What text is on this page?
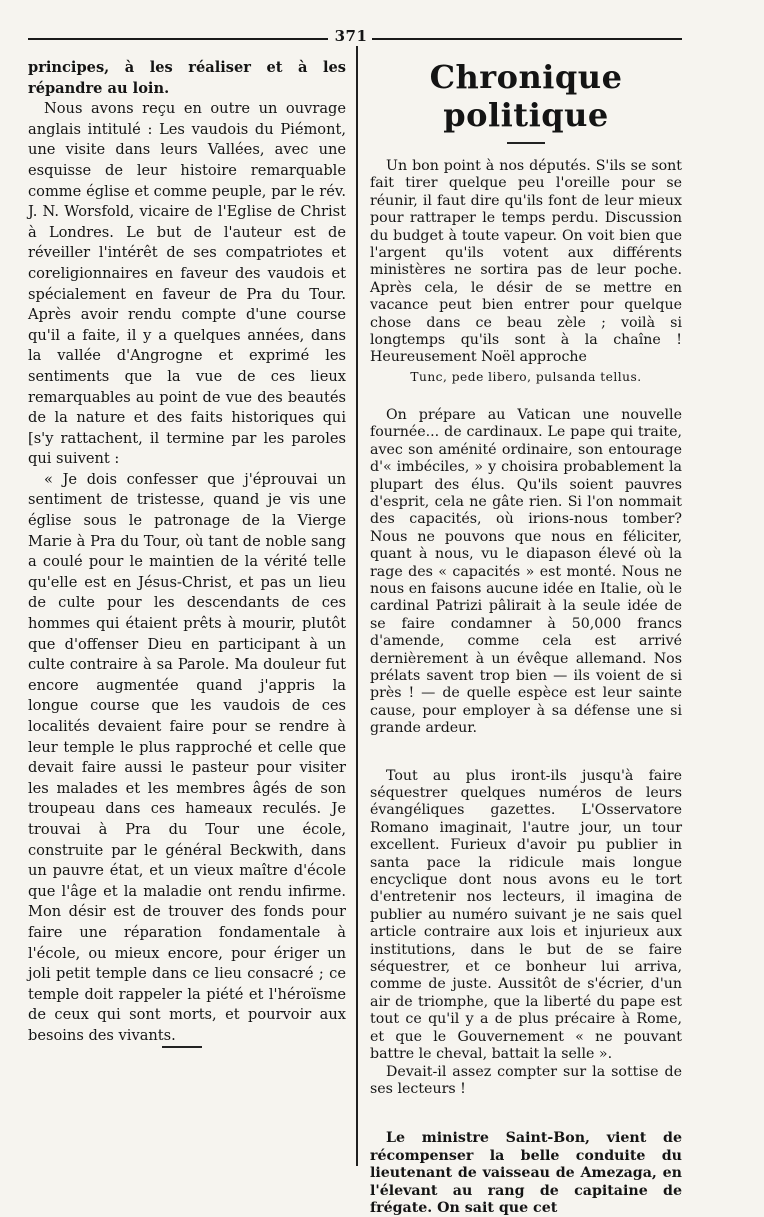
371

principes, à les réaliser et à les répandre au loin.

Nous avons reçu en outre un ouvrage anglais intitulé : Les vaudois du Piémont, une visite dans leurs Vallées, avec une esquisse de leur histoire remarquable comme église et comme peuple, par le rév. J. N. Worsfold, vicaire de l'Eglise de Christ à Londres. Le but de l'auteur est de réveiller l'intérêt de ses compatriotes et coreligionnaires en faveur des vaudois et spécialement en faveur de Pra du Tour. Après avoir rendu compte d'une course qu'il a faite, il y a quelques années, dans la vallée d'Angrogne et exprimé les sentiments que la vue de ces lieux remarquables au point de vue des beautés de la nature et des faits historiques qui [s'y rattachent, il termine par les paroles qui suivent :

« Je dois confesser que j'éprouvai un sentiment de tristesse, quand je vis une église sous le patronage de la Vierge Marie à Pra du Tour, où tant de noble sang a coulé pour le maintien de la vérité telle qu'elle est en Jésus-Christ, et pas un lieu de culte pour les descendants de ces hommes qui étaient prêts à mourir, plutôt que d'offenser Dieu en participant à un culte contraire à sa Parole. Ma douleur fut encore augmentée quand j'appris la longue course que les vaudois de ces localités devaient faire pour se rendre à leur temple le plus rapproché et celle que devait faire aussi le pasteur pour visiter les malades et les membres âgés de son troupeau dans ces hameaux reculés. Je trouvai à Pra du Tour une école, construite par le général Beckwith, dans un pauvre état, et un vieux maître d'école que l'âge et la maladie ont rendu infirme. Mon désir est de trouver des fonds pour faire une réparation fondamentale à l'école, ou mieux encore, pour ériger un joli petit temple dans ce lieu consacré ; ce temple doit rappeler la piété et l'héroïsme de ceux qui sont morts, et pourvoir aux besoins des vivants.

Chronique politique

Un bon point à nos députés. S'ils se sont fait tirer quelque peu l'oreille pour se réunir, il faut dire qu'ils font de leur mieux pour rattraper le temps perdu. Discussion du budget à toute vapeur. On voit bien que l'argent qu'ils votent aux différents ministères ne sortira pas de leur poche. Après cela, le désir de se mettre en vacance peut bien entrer pour quelque chose dans ce beau zèle ; voilà si longtemps qu'ils sont à la chaîne ! Heureusement Noël approche

Tunc, pede libero, pulsanda tellus.

On prépare au Vatican une nouvelle fournée... de cardinaux. Le pape qui traite, avec son aménité ordinaire, son entourage d'« imbéciles, » y choisira probablement la plupart des élus. Qu'ils soient pauvres d'esprit, cela ne gâte rien. Si l'on nommait des capacités, où irions-nous tomber? Nous ne pouvons que nous en féliciter, quant à nous, vu le diapason élevé où la rage des « capacités » est monté. Nous ne nous en faisons aucune idée en Italie, où le cardinal Patrizi pâlirait à la seule idée de se faire condamner à 50,000 francs d'amende, comme cela est arrivé dernièrement à un évêque allemand. Nos prélats savent trop bien — ils voient de si près ! — de quelle espèce est leur sainte cause, pour employer à sa défense une si grande ardeur.

Tout au plus iront-ils jusqu'à faire séquestrer quelques numéros de leurs évangéliques gazettes. L'Osservatore Romano imaginait, l'autre jour, un tour excellent. Furieux d'avoir pu publier in santa pace la ridicule mais longue encyclique dont nous avons eu le tort d'entretenir nos lecteurs, il imagina de publier au numéro suivant je ne sais quel article contraire aux lois et injurieux aux institutions, dans le but de se faire séquestrer, et ce bonheur lui arriva, comme de juste. Aussitôt de s'écrier, d'un air de triomphe, que la liberté du pape est tout ce qu'il y a de plus précaire à Rome, et que le Gouvernement « ne pouvant battre le cheval, battait la selle ».

Devait-il assez compter sur la sottise de ses lecteurs !

Le ministre Saint-Bon, vient de récompenser la belle conduite du lieutenant de vaisseau de Amezaga, en l'élevant au rang de capitaine de frégate. On sait que cet
